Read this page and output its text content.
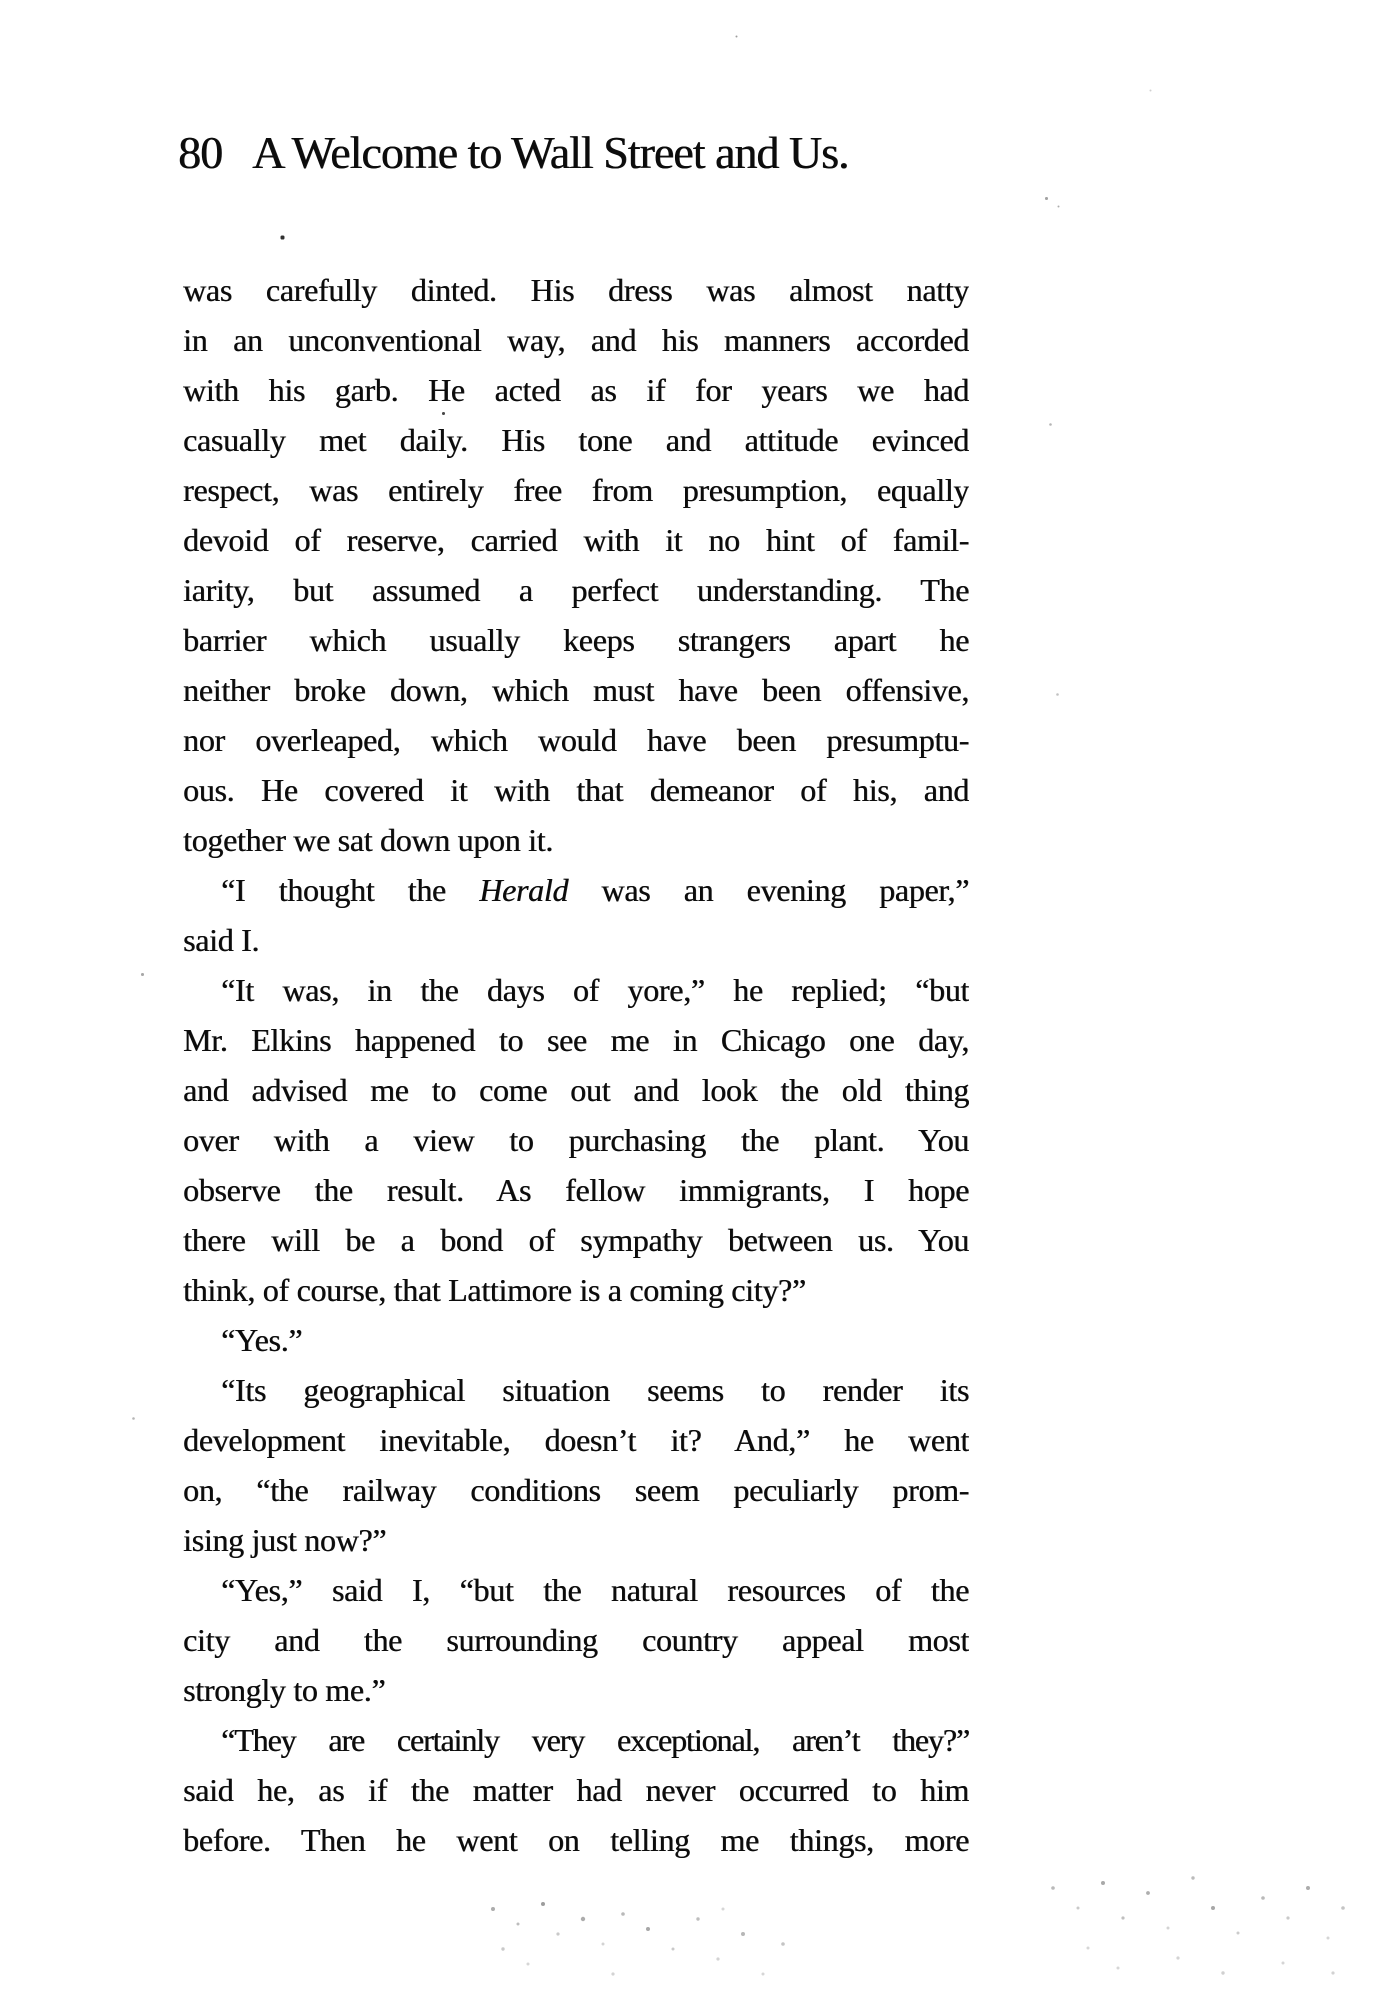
80 A Welcome to Wall Street and Us.
was carefully dinted. His dress was almost natty
in an unconventional way, and his manners accorded
with his garb. He acted as if for years we had
casually met daily. His tone and attitude evinced
respect, was entirely free from presumption, equally
devoid of reserve, carried with it no hint of famil-
iarity, but assumed a perfect understanding. The
barrier which usually keeps strangers apart he
neither broke down, which must have been offensive,
nor overleaped, which would have been presumptu-
ous. He covered it with that demeanor of his, and
together we sat down upon it.
“I thought the Herald was an evening paper,”
said I.
“It was, in the days of yore,” he replied; “but
Mr. Elkins happened to see me in Chicago one day,
and advised me to come out and look the old thing
over with a view to purchasing the plant. You
observe the result. As fellow immigrants, I hope
there will be a bond of sympathy between us. You
think, of course, that Lattimore is a coming city?”
“Yes.”
“Its geographical situation seems to render its
development inevitable, doesn’t it? And,” he went
on, “the railway conditions seem peculiarly prom-
ising just now?”
“Yes,” said I, “but the natural resources of the
city and the surrounding country appeal most
strongly to me.”
“They are certainly very exceptional, aren’t they?”
said he, as if the matter had never occurred to him
before. Then he went on telling me things, more
